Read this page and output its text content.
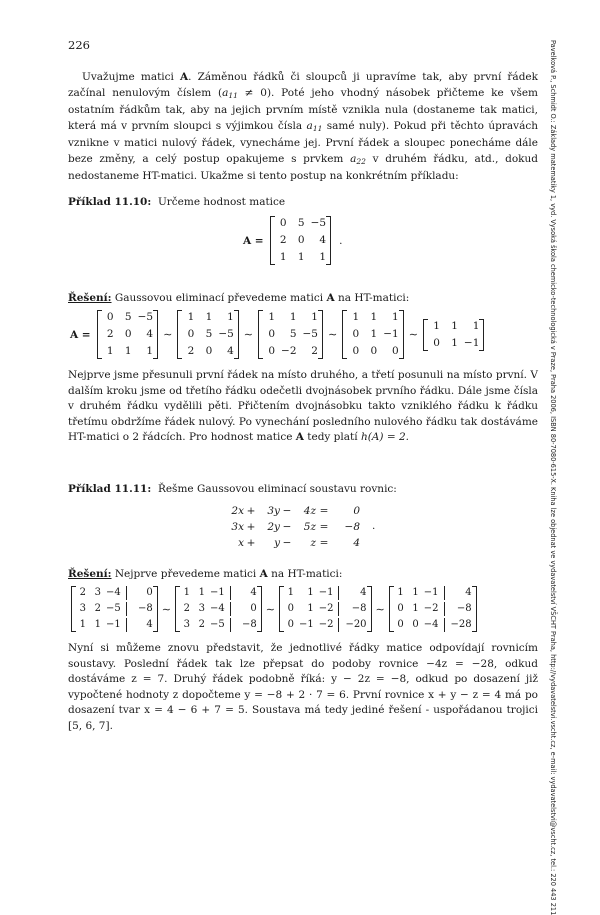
226	Pavelková P., Schmidt O.: Základy matematiky 1, vyd. Vysoká škola chemicko-technologická v Praze, Praha 2006, ISBN 80-7080-615-X. Kniha lze objednat ve vydavatelství VŠCHT Praha, http://vydavatelstvi.vscht.cz, e-mail: vydavatelstvi@vscht.cz, tel.: 220 443 211

Uvažujme matici A. Záměnou řádků či sloupců ji upravíme tak, aby první řádek začínal nenulovým číslem $(a_{11} \ne 0)$. Poté jeho vhodný násobek přičteme ke všem ostatním řádkům tak, aby na jejich prvním místě vznikla nula (dostaneme tak matici, která má v prvním sloupci s výjimkou čísla $a_{11}$ samé nuly). Pokud při těchto úpravách vznikne v matici nulový řádek, vynecháme jej. První řádek a sloupec ponecháme dále beze změny, a celý postup opakujeme s prvkem $a_{22}$ v druhém řádku, atd., dokud nedostaneme HT-matici. Ukažme si tento postup na konkrétním příkladu:

Příklad 11.10: Určeme hodnost matice

A =
0	5 −5
2	0	4
1	1	1
.

Řešení: Gaussovou eliminací převedeme matici A na HT-matici:

A =
0	5 −5
2	0	4
1	1	1
∼
1	1	1
0	5 −5
2	0	4
∼
1	1	1
0	5 −5
0 −2	2
∼
1	1	1
0	1 −1
0	0	0
∼
1	1	1
0	1 −1

Nejprve jsme přesunuli první řádek na místo druhého, a třetí posunuli na místo první. V dalším kroku jsme od třetího řádku odečetli dvojnásobek prvního řádku. Dále jsme čísla v druhém řádku vydělili pěti. Přičtením dvojnásobku takto vzniklého řádku k řádku třetímu obdržíme řádek nulový. Po vynechání posledního nulového řádku tak dostáváme HT-matici o 2 řádcích. Pro hodnost matice A tedy platí h(A) = 2.

Příklad 11.11: Řešme Gaussovou eliminací soustavu rovnic:

2x +	3y −	4z =	0
3x +	2y −	5z =	−8
x +	y −	z =	4
.

Řešení: Nejprve převedeme matici A na HT-matici:

2 3 −4	0
3 2 −5	−8
1 1 −1	4
∼
1 1 −1	4
2 3 −4	0
3 2 −5	−8
∼
1	1 −1	4
0	1 −2	−8
0 −1 −2	−20
∼
1 1 −1	4
0 1 −2	−8
0 0 −4	−28

Nyní si můžeme znovu představit, že jednotlivé řádky matice odpovídají rovnicím soustavy. Poslední řádek tak lze přepsat do podoby rovnice −4z = −28, odkud dostáváme z = 7. Druhý řádek podobně říká: y − 2z = −8, odkud po dosazení již vypočtené hodnoty z dopočteme y = −8 + 2 · 7 = 6. První rovnice x + y − z = 4 má po dosazení tvar x = 4 − 6 + 7 = 5. Soustava má tedy jediné řešení - uspořádanou trojici [5, 6, 7].
